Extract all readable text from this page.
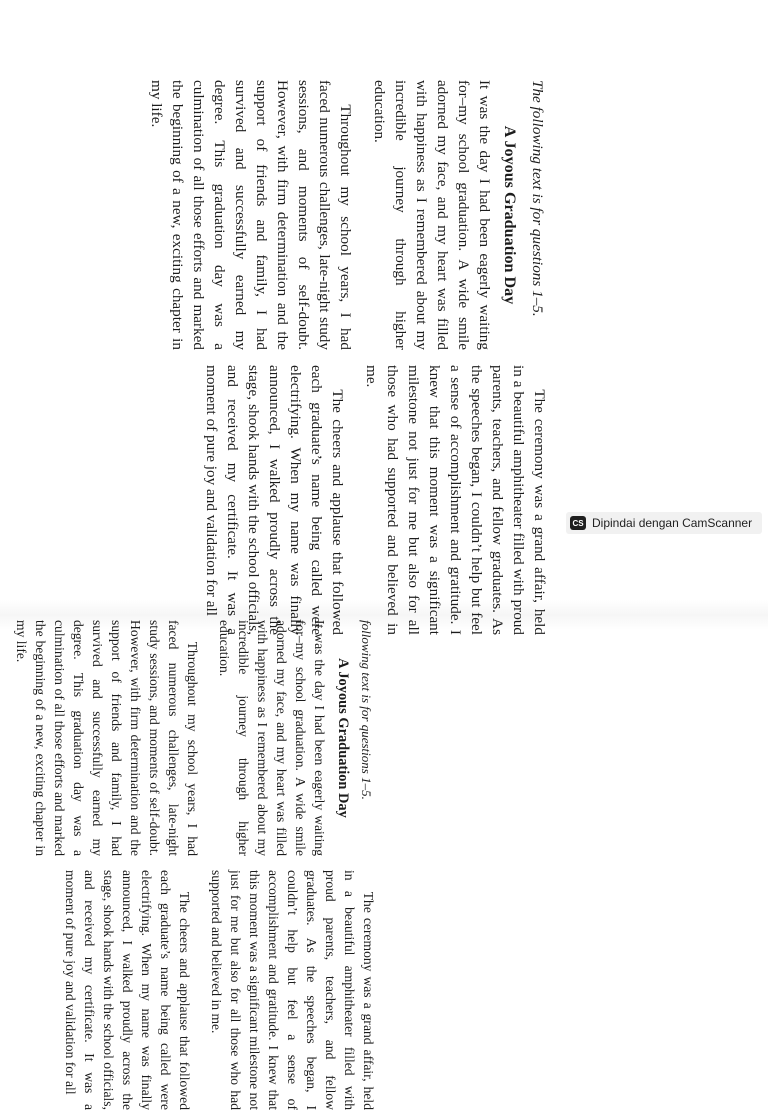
The following text is for questions 1–5.

A Joyous Graduation Day

It was the day I had been eagerly waiting for–my school graduation. A wide smile adorned my face, and my heart was filled with happiness as I remembered about my incredible journey through higher education.

Throughout my school years, I had faced numerous challenges, late-night study sessions, and moments of self-doubt. However, with firm determination and the support of friends and family, I had survived and successfully earned my degree. This graduation day was a culmination of all those efforts and marked the beginning of a new, exciting chapter in my life.

The ceremony was a grand affair, held in a beautiful amphitheater filled with proud parents, teachers, and fellow graduates. As the speeches began, I couldn’t help but feel a sense of accomplishment and gratitude. I knew that this moment was a significant milestone not just for me but also for all those who had supported and believed in me.

The cheers and applause that followed each graduate’s name being called were electrifying. When my name was finally announced, I walked proudly across the stage, shook hands with the school officials, and received my certificate. It was a moment of pure joy and validation for all

following text is for questions 1–5.

A Joyous Graduation Day

It was the day I had been eagerly waiting for–my school graduation. A wide smile adorned my face, and my heart was filled with happiness as I remembered about my incredible journey through higher education.

Throughout my school years, I had faced numerous challenges, late-night study sessions, and moments of self-doubt. However, with firm determination and the support of friends and family, I had survived and successfully earned my degree. This graduation day was a culmination of all those efforts and marked the beginning of a new, exciting chapter in my life.

The ceremony was a grand affair, held in a beautiful amphitheater filled with proud parents, teachers, and fellow graduates. As the speeches began, I couldn’t help but feel a sense of accomplishment and gratitude. I knew that this moment was a significant milestone not just for me but also for all those who had supported and believed in me.

The cheers and applause that followed each graduate’s name being called were electrifying. When my name was finally announced, I walked proudly across the stage, shook hands with the school officials, and received my certificate. It was a moment of pure joy and validation for all

CS Dipindai dengan CamScanner
